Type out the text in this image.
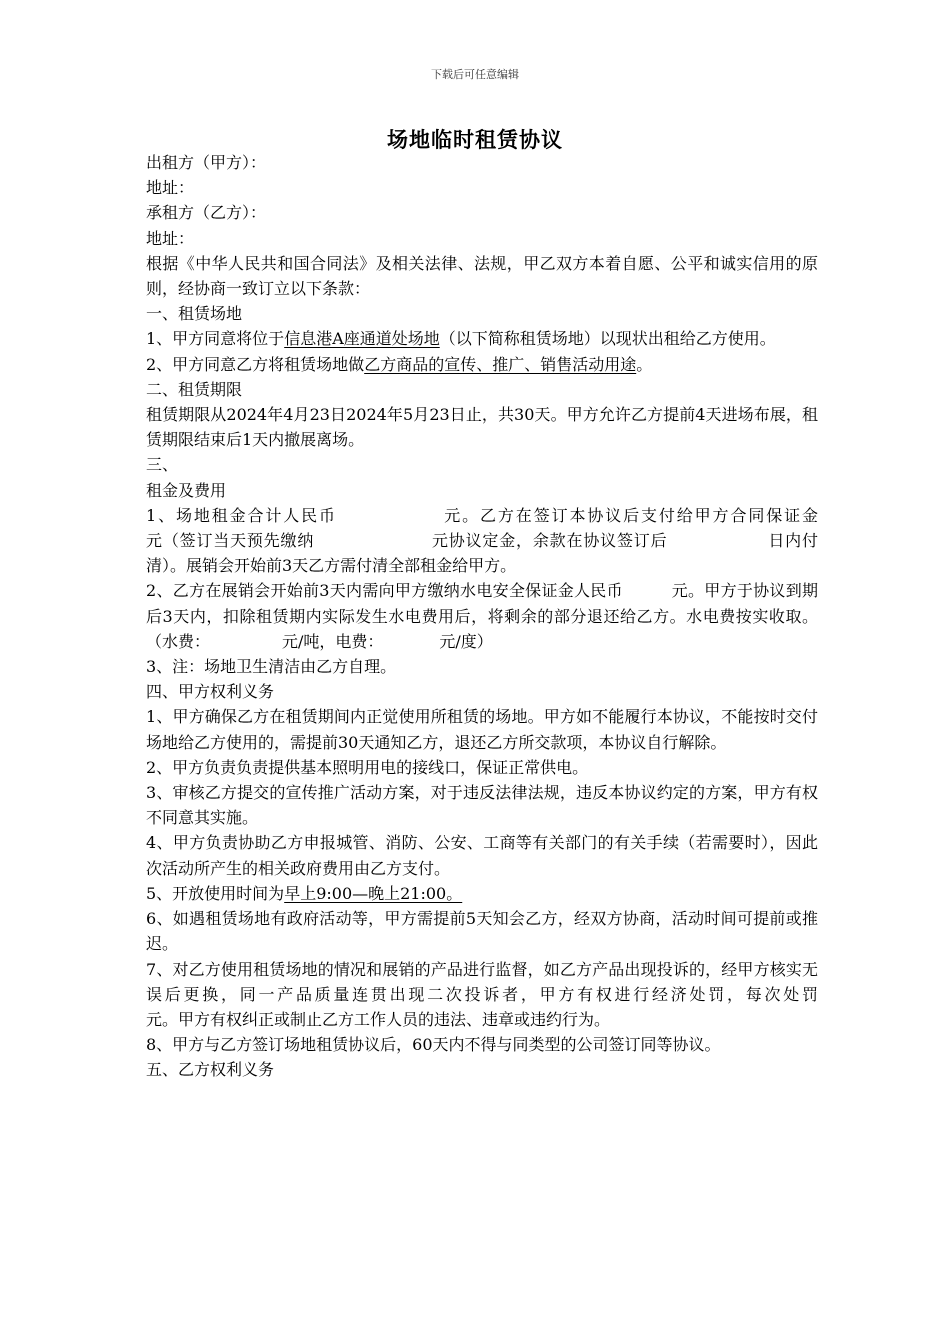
下载后可任意编辑
场地临时租赁协议

出租方（甲方）：

地址：

承租方（乙方）：

地址：

根据《中华人民共和国合同法》及相关法律、法规，甲乙双方本着自愿、公平和诚实信用的原则，经协商一致订立以下条款：

一、租赁场地

1、甲方同意将位于信息港A座通道处场地（以下简称租赁场地）以现状出租给乙方使用。

2、甲方同意乙方将租赁场地做乙方商品的宣传、推广、销售活动用途。

二、租赁期限

租赁期限从2024年4月23日2024年5月23日止，共30天。甲方允许乙方提前4天进场布展，租赁期限结束后1天内撤展离场。

三、

租金及费用

1、场地租金合计人民币　　　　　　元。乙方在签订本协议后支付给甲方合同保证金　　　　　　元（签订当天预先缴纳　　　　　　　元协议定金，余款在协议签订后　　　　　　日内付清）。展销会开始前3天乙方需付清全部租金给甲方。

2、乙方在展销会开始前3天内需向甲方缴纳水电安全保证金人民币　　　元。甲方于协议到期后3天内，扣除租赁期内实际发生水电费用后，将剩余的部分退还给乙方。水电费按实收取。（水费：　　　　　元/吨，电费：　　　　元/度）

3、注：场地卫生清洁由乙方自理。

四、甲方权利义务

1、甲方确保乙方在租赁期间内正觉使用所租赁的场地。甲方如不能履行本协议，不能按时交付场地给乙方使用的，需提前30天通知乙方，退还乙方所交款项，本协议自行解除。

2、甲方负责负责提供基本照明用电的接线口，保证正常供电。

3、审核乙方提交的宣传推广活动方案，对于违反法律法规，违反本协议约定的方案，甲方有权不同意其实施。

4、甲方负责协助乙方申报城管、消防、公安、工商等有关部门的有关手续（若需要时），因此次活动所产生的相关政府费用由乙方支付。

5、开放使用时间为早上9:00—晚上21:00。

6、如遇租赁场地有政府活动等，甲方需提前5天知会乙方，经双方协商，活动时间可提前或推迟。

7、对乙方使用租赁场地的情况和展销的产品进行监督，如乙方产品出现投诉的，经甲方核实无误后更换，同一产品质量连贯出现二次投诉者，甲方有权进行经济处罚，每次处罚　　　　　　　　元。甲方有权纠正或制止乙方工作人员的违法、违章或违约行为。

8、甲方与乙方签订场地租赁协议后，60天内不得与同类型的公司签订同等协议。

五、乙方权利义务
